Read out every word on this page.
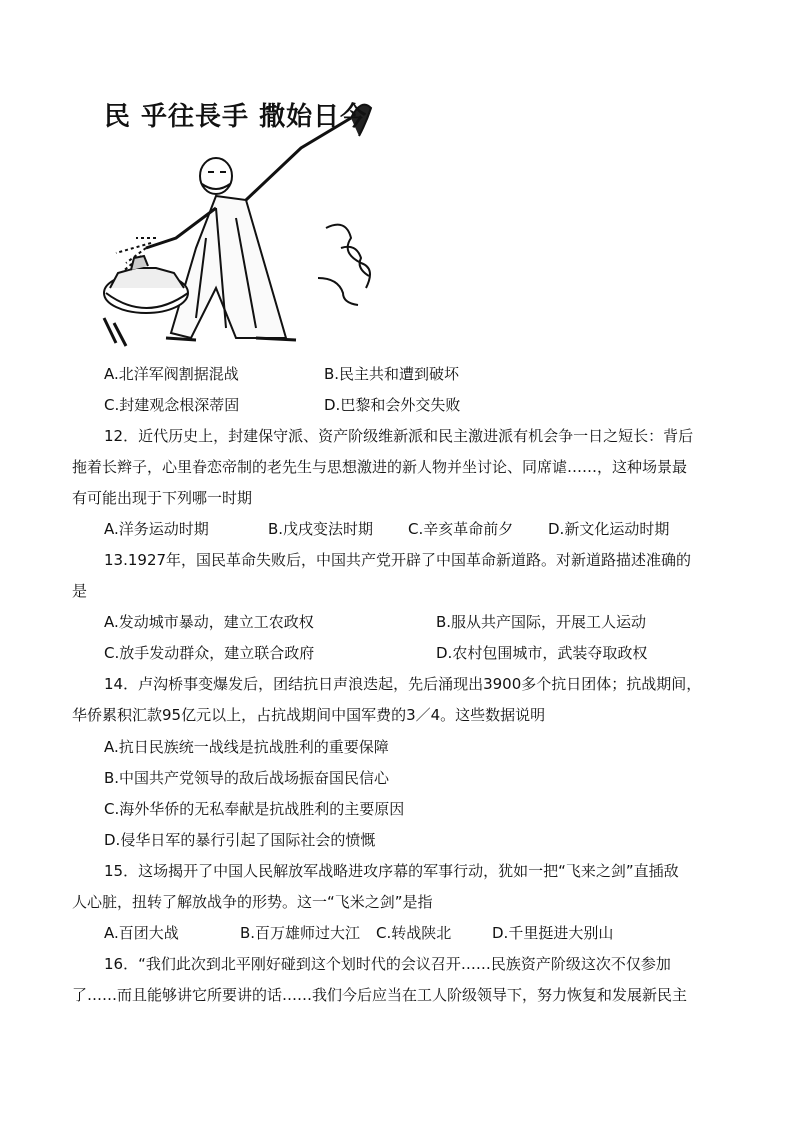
民 乎往長手 撒始日今
A.北洋军阀割据混战	B.民主共和遭到破坏
C.封建观念根深蒂固	D.巴黎和会外交失败
12．近代历史上，封建保守派、资产阶级维新派和民主激进派有机会争一日之短长：背后
拖着长辫子，心里眷恋帝制的老先生与思想激进的新人物并坐讨论、同席谑……，这种场景最
有可能出现于下列哪一时期
A.洋务运动时期	B.戊戌变法时期 C.辛亥革命前夕 D.新文化运动时期
13.1927年，国民革命失败后，中国共产党开辟了中国革命新道路。对新道路描述准确的
是
A.发动城市暴动，建立工农政权	B.服从共产国际，开展工人运动
C.放手发动群众，建立联合政府	D.农村包围城市，武装夺取政权
14．卢沟桥事变爆发后，团结抗日声浪迭起，先后涌现出3900多个抗日团体；抗战期间，
华侨累积汇款95亿元以上，占抗战期间中国军费的3／4。这些数据说明
A.抗日民族统一战线是抗战胜利的重要保障
B.中国共产党领导的敌后战场振奋国民信心
C.海外华侨的无私奉献是抗战胜利的主要原因
D.侵华日军的暴行引起了国际社会的愤慨
15．这场揭开了中国人民解放军战略进攻序幕的军事行动，犹如一把“飞来之剑”直插敌
人心脏，扭转了解放战争的形势。这一“飞米之剑”是指
A.百团大战	B.百万雄师过大江 C.转战陕北	D.千里挺进大别山
16．“我们此次到北平刚好碰到这个划时代的会议召开……民族资产阶级这次不仅参加
了……而且能够讲它所要讲的话……我们今后应当在工人阶级领导下，努力恢复和发展新民主
